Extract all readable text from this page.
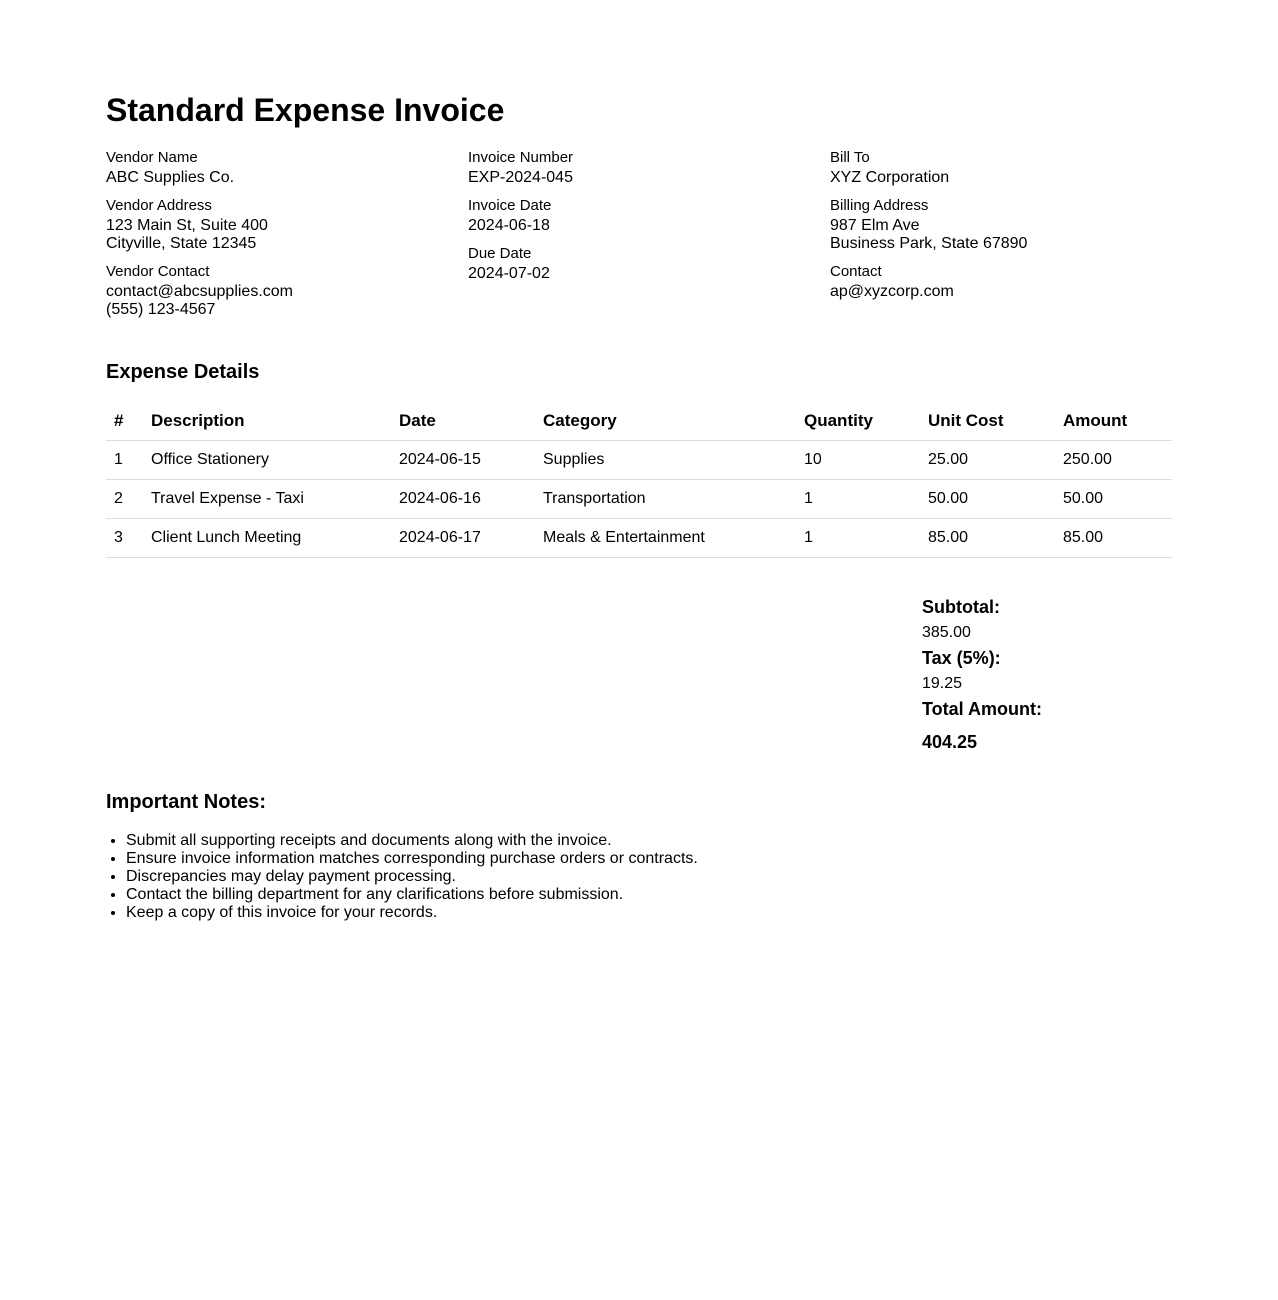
Standard Expense Invoice
Vendor Name
ABC Supplies Co.
Vendor Address
123 Main St, Suite 400
Cityville, State 12345
Vendor Contact
contact@abcsupplies.com
(555) 123-4567
Invoice Number
EXP-2024-045
Invoice Date
2024-06-18
Due Date
2024-07-02
Bill To
XYZ Corporation
Billing Address
987 Elm Ave
Business Park, State 67890
Contact
ap@xyzcorp.com
Expense Details
#	Description	Date	Category	Quantity	Unit Cost	Amount
1	Office Stationery	2024-06-15	Supplies	10	25.00	250.00
2	Travel Expense - Taxi	2024-06-16	Transportation	1	50.00	50.00
3	Client Lunch Meeting	2024-06-17	Meals & Entertainment	1	85.00	85.00
Subtotal:
385.00
Tax (5%):
19.25
Total Amount:
404.25
Important Notes:
• Submit all supporting receipts and documents along with the invoice.
• Ensure invoice information matches corresponding purchase orders or contracts.
• Discrepancies may delay payment processing.
• Contact the billing department for any clarifications before submission.
• Keep a copy of this invoice for your records.
